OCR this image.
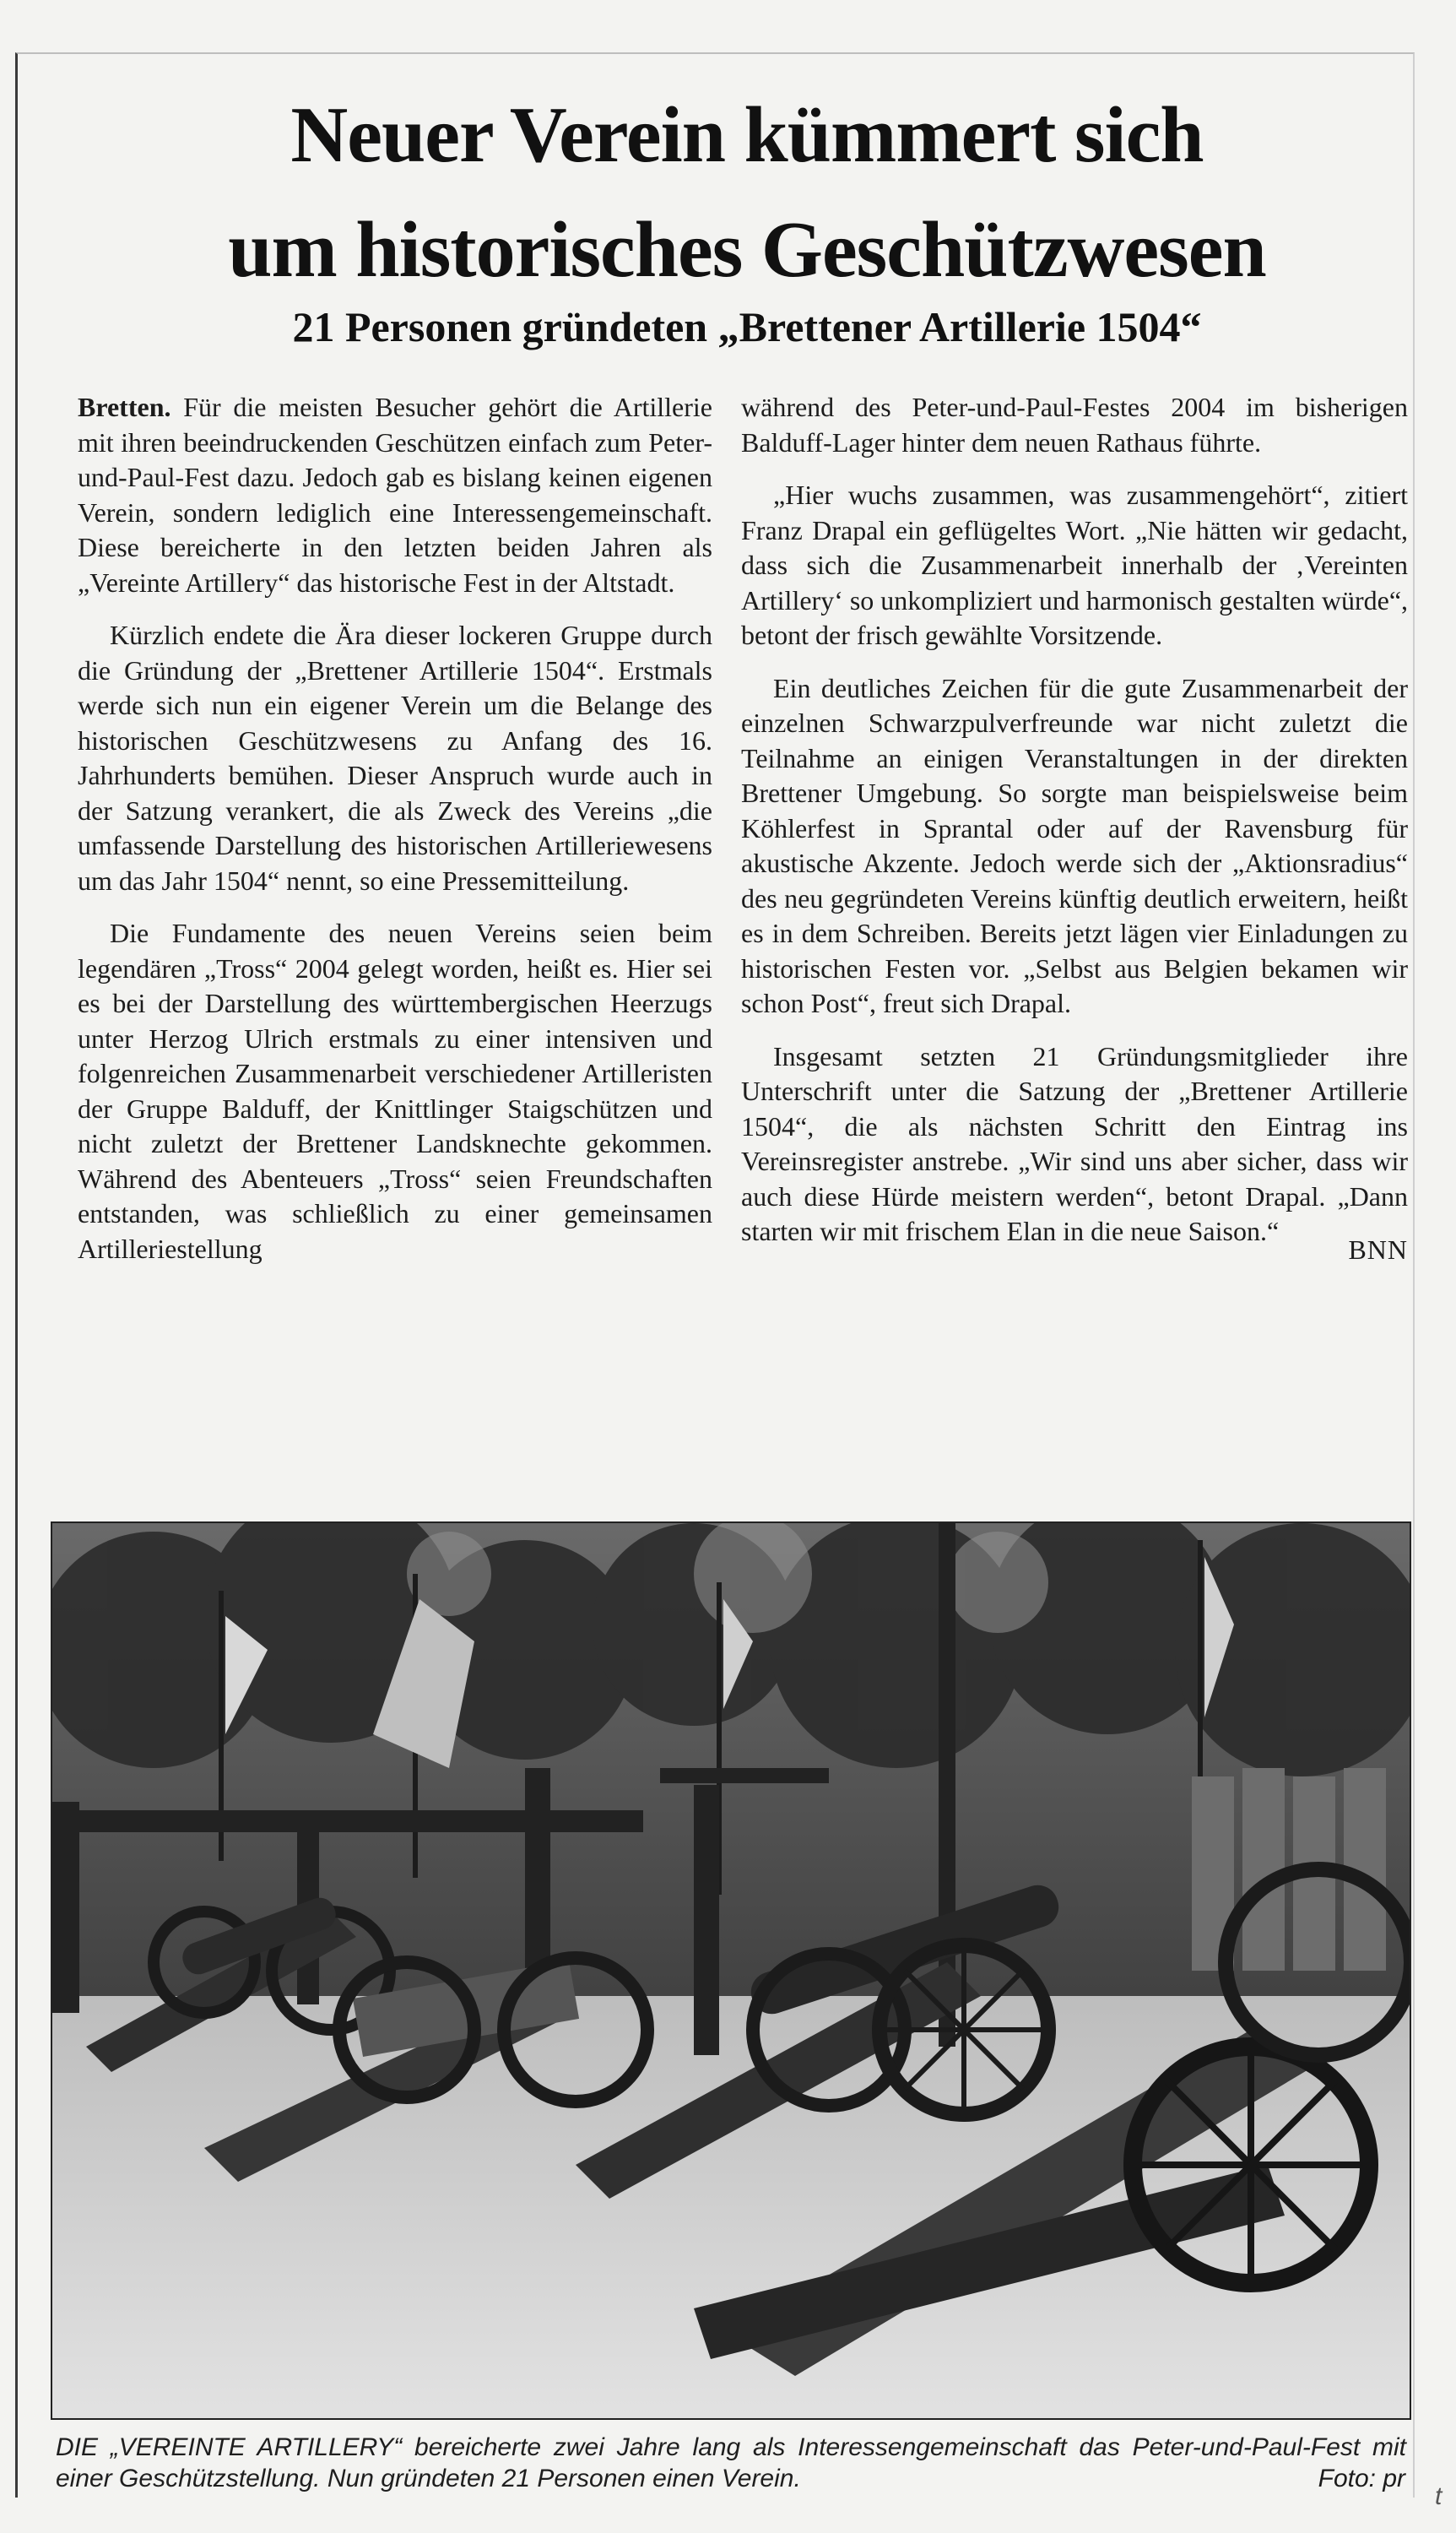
Neuer Verein kümmert sich
um historisches Geschützwesen
21 Personen gründeten „Brettener Artillerie 1504“

Bretten. Für die meisten Besucher gehört die Artillerie mit ihren beeindruckenden Geschützen einfach zum Peter-und-Paul-Fest dazu. Jedoch gab es bislang keinen eigenen Verein, sondern lediglich eine Interessengemeinschaft. Diese bereicherte in den letzten beiden Jahren als „Vereinte Artillery“ das historische Fest in der Altstadt.

Kürzlich endete die Ära dieser lockeren Gruppe durch die Gründung der „Brettener Artillerie 1504“. Erstmals werde sich nun ein eigener Verein um die Belange des historischen Geschützwesens zu Anfang des 16. Jahrhunderts bemühen. Dieser Anspruch wurde auch in der Satzung verankert, die als Zweck des Vereins „die umfassende Darstellung des historischen Artilleriewesens um das Jahr 1504“ nennt, so eine Pressemitteilung.

Die Fundamente des neuen Vereins seien beim legendären „Tross“ 2004 gelegt worden, heißt es. Hier sei es bei der Darstellung des württembergischen Heerzugs unter Herzog Ulrich erstmals zu einer intensiven und folgenreichen Zusammenarbeit verschiedener Artilleristen der Gruppe Balduff, der Knittlinger Staigschützen und nicht zuletzt der Brettener Landsknechte gekommen. Während des Abenteuers „Tross“ seien Freundschaften entstanden, was schließlich zu einer gemeinsamen Artilleriestellung

während des Peter-und-Paul-Festes 2004 im bisherigen Balduff-Lager hinter dem neuen Rathaus führte.

„Hier wuchs zusammen, was zusammengehört“, zitiert Franz Drapal ein geflügeltes Wort. „Nie hätten wir gedacht, dass sich die Zusammenarbeit innerhalb der ‚Vereinten Artillery‘ so unkompliziert und harmonisch gestalten würde“, betont der frisch gewählte Vorsitzende.

Ein deutliches Zeichen für die gute Zusammenarbeit der einzelnen Schwarzpulverfreunde war nicht zuletzt die Teilnahme an einigen Veranstaltungen in der direkten Brettener Umgebung. So sorgte man beispielsweise beim Köhlerfest in Sprantal oder auf der Ravensburg für akustische Akzente. Jedoch werde sich der „Aktionsradius“ des neu gegründeten Vereins künftig deutlich erweitern, heißt es in dem Schreiben. Bereits jetzt lägen vier Einladungen zu historischen Festen vor. „Selbst aus Belgien bekamen wir schon Post“, freut sich Drapal.

Insgesamt setzten 21 Gründungsmitglieder ihre Unterschrift unter die Satzung der „Brettener Artillerie 1504“, die als nächsten Schritt den Eintrag ins Vereinsregister anstrebe. „Wir sind uns aber sicher, dass wir auch diese Hürde meistern werden“, betont Drapal. „Dann starten wir mit frischem Elan in die neue Saison.“

BNN
DIE „VEREINTE ARTILLERY“ bereicherte zwei Jahre lang als Interessengemeinschaft das Peter-und-Paul-Fest mit einer Geschützstellung. Nun gründeten 21 Personen einen Verein.	Foto: pr
t
